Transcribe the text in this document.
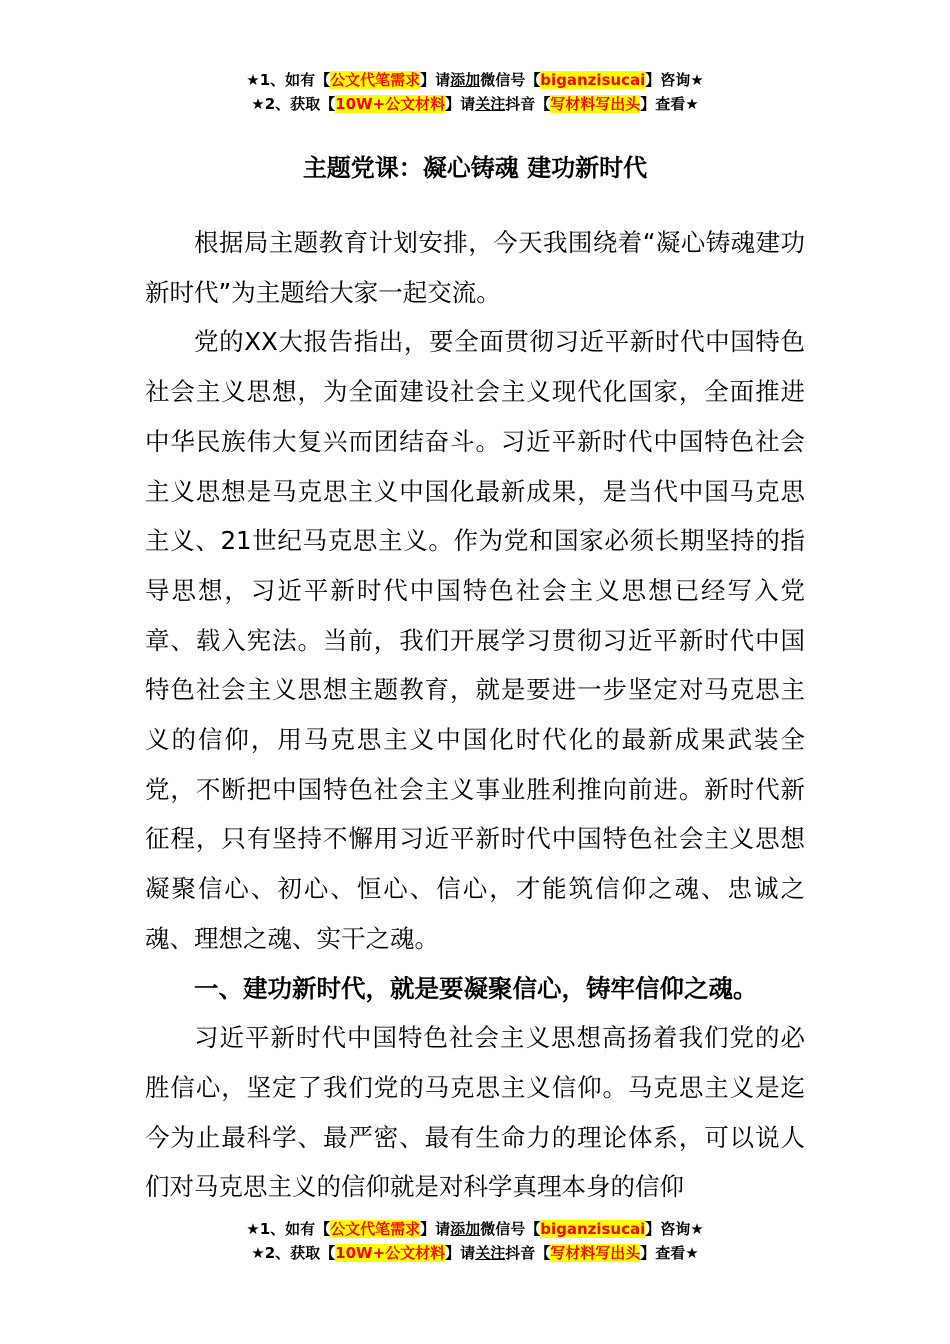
★1、如有【公文代笔需求】请添加微信号【biganzisucai】咨询★
★2、获取【10W+公文材料】请关注抖音【写材料写出头】查看★
主题党课：凝心铸魂 建功新时代

根据局主题教育计划安排，今天我围绕着“凝心铸魂建功新时代”为主题给大家一起交流。

党的XX大报告指出，要全面贯彻习近平新时代中国特色社会主义思想，为全面建设社会主义现代化国家，全面推进中华民族伟大复兴而团结奋斗。习近平新时代中国特色社会主义思想是马克思主义中国化最新成果，是当代中国马克思主义、21世纪马克思主义。作为党和国家必须长期坚持的指导思想，习近平新时代中国特色社会主义思想已经写入党章、载入宪法。当前，我们开展学习贯彻习近平新时代中国特色社会主义思想主题教育，就是要进一步坚定对马克思主义的信仰，用马克思主义中国化时代化的最新成果武装全党，不断把中国特色社会主义事业胜利推向前进。新时代新征程，只有坚持不懈用习近平新时代中国特色社会主义思想凝聚信心、初心、恒心、信心，才能筑信仰之魂、忠诚之魂、理想之魂、实干之魂。

一、建功新时代，就是要凝聚信心，铸牢信仰之魂。

习近平新时代中国特色社会主义思想高扬着我们党的必胜信心，坚定了我们党的马克思主义信仰。马克思主义是迄今为止最科学、最严密、最有生命力的理论体系，可以说人们对马克思主义的信仰就是对科学真理本身的信仰

★1、如有【公文代笔需求】请添加微信号【biganzisucai】咨询★
★2、获取【10W+公文材料】请关注抖音【写材料写出头】查看★
